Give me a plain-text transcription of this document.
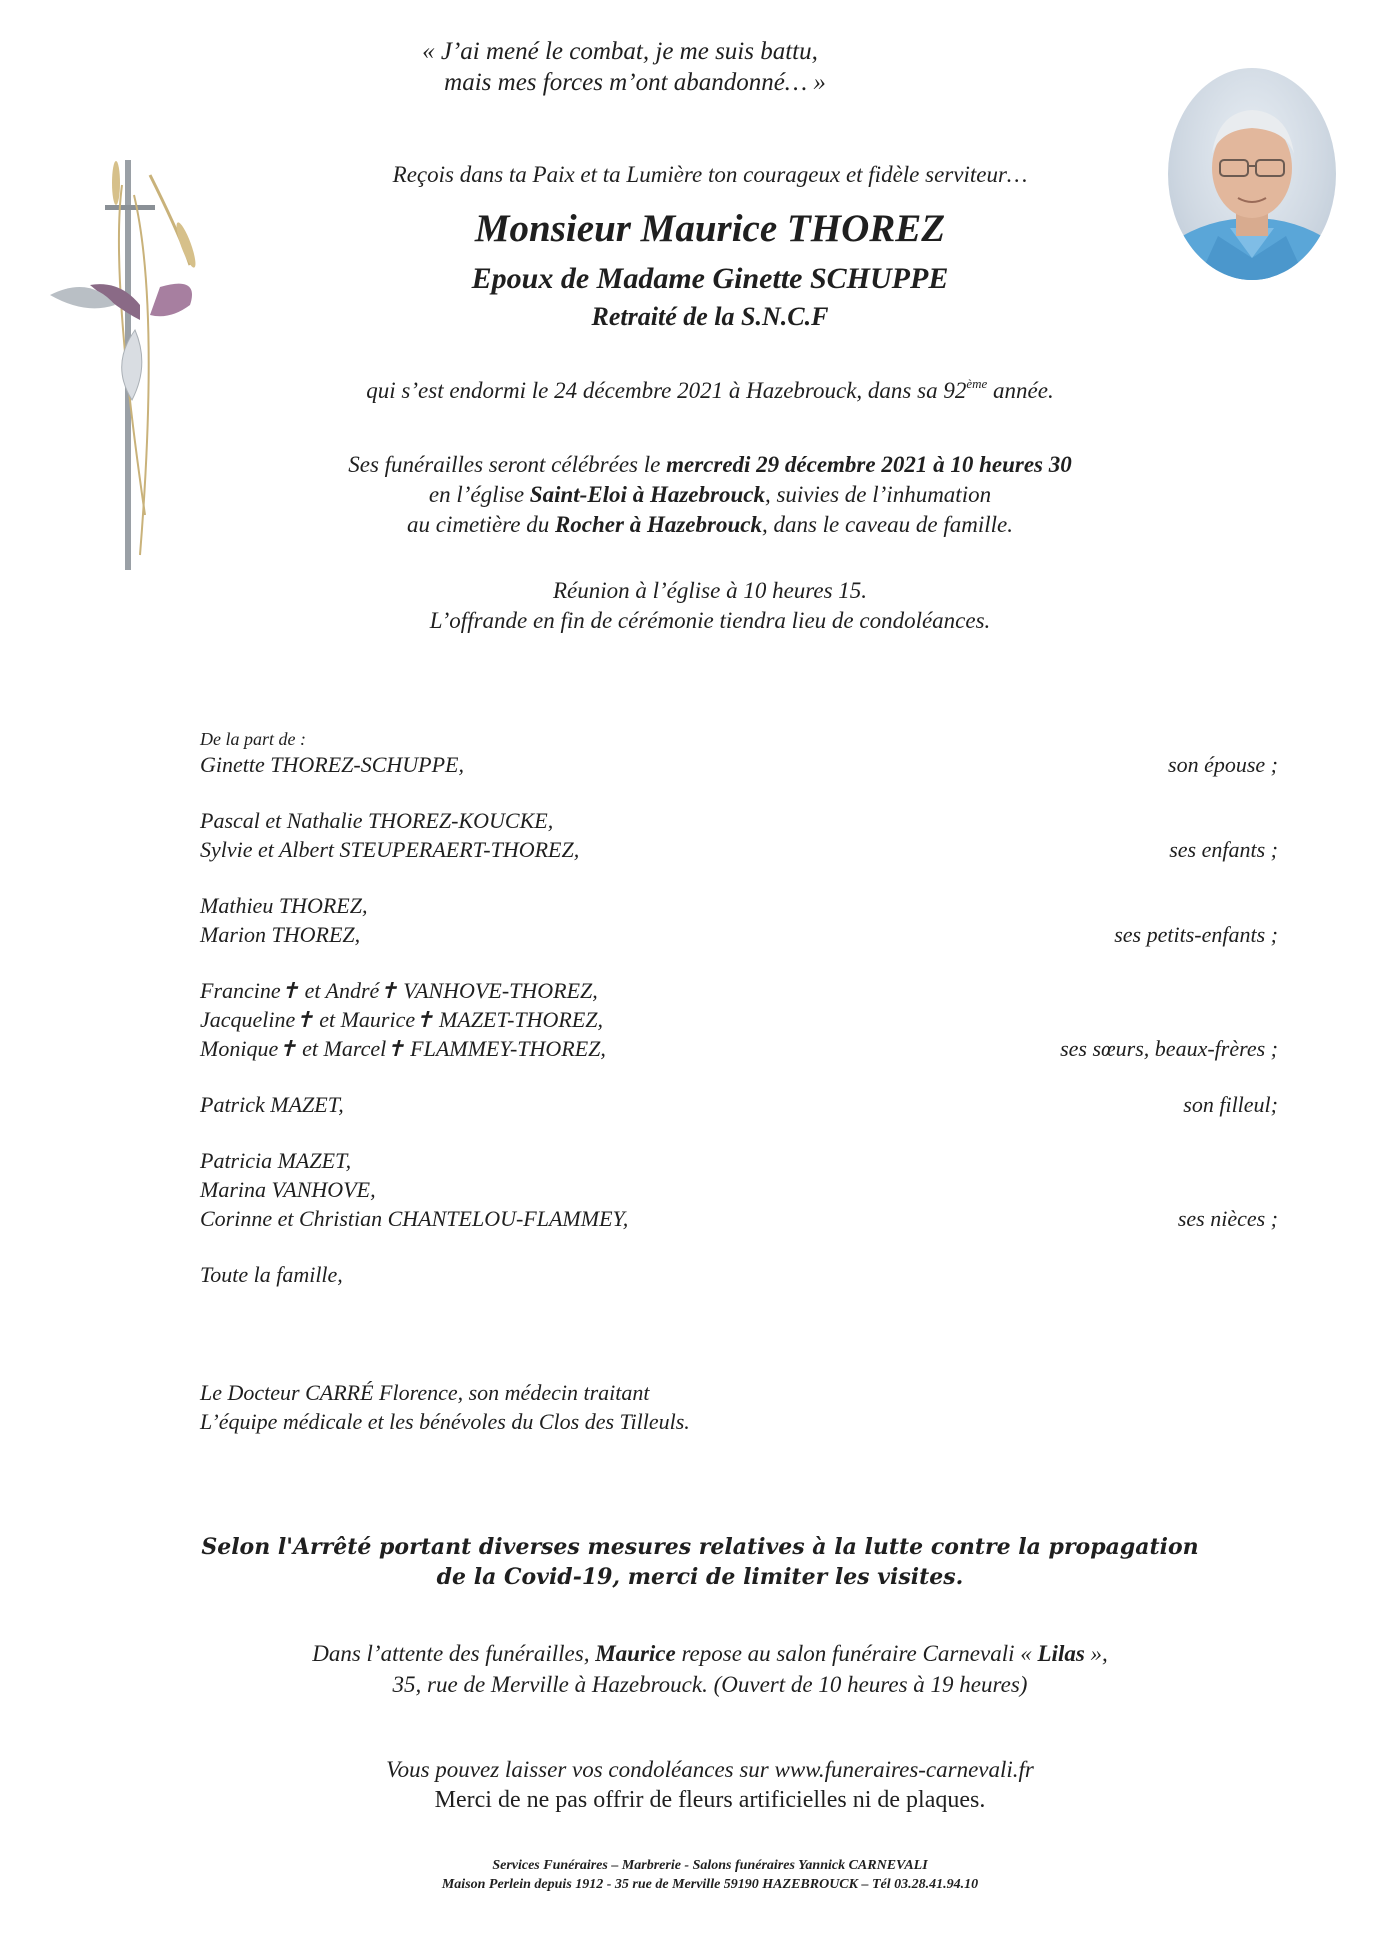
« J’ai mené le combat, je me suis battu,
mais mes forces m’ont abandonné… »
Reçois dans ta Paix et ta Lumière ton courageux et fidèle serviteur…
Monsieur Maurice THOREZ
Epoux de Madame Ginette SCHUPPE
Retraité de la S.N.C.F
qui s’est endormi le 24 décembre 2021 à Hazebrouck, dans sa 92ème année.
Ses funérailles seront célébrées le mercredi 29 décembre 2021 à 10 heures 30
en l’église Saint-Eloi à Hazebrouck, suivies de l’inhumation
au cimetière du Rocher à Hazebrouck, dans le caveau de famille.
Réunion à l’église à 10 heures 15.
L’offrande en fin de cérémonie tiendra lieu de condoléances.
De la part de :
Ginette THOREZ-SCHUPPE,	son épouse ;
Pascal et Nathalie THOREZ-KOUCKE,
Sylvie et Albert STEUPERAERT-THOREZ,	ses enfants ;
Mathieu THOREZ,
Marion THOREZ,	ses petits-enfants ;
Francine✝ et André✝ VANHOVE-THOREZ,
Jacqueline✝ et Maurice✝ MAZET-THOREZ,
Monique✝ et Marcel✝ FLAMMEY-THOREZ,	ses sœurs, beaux-frères ;
Patrick MAZET,	son filleul;
Patricia MAZET,
Marina VANHOVE,
Corinne et Christian CHANTELOU-FLAMMEY,	ses nièces ;
Toute la famille,
Le Docteur CARRÉ Florence, son médecin traitant
L’équipe médicale et les bénévoles du Clos des Tilleuls.
Selon l'Arrêté portant diverses mesures relatives à la lutte contre la propagation
de la Covid-19, merci de limiter les visites.
Dans l’attente des funérailles, Maurice repose au salon funéraire Carnevali « Lilas »,
35, rue de Merville à Hazebrouck. (Ouvert de 10 heures à 19 heures)
Vous pouvez laisser vos condoléances sur www.funeraires-carnevali.fr
Merci de ne pas offrir de fleurs artificielles ni de plaques.
Services Funéraires – Marbrerie - Salons funéraires Yannick CARNEVALI
Maison Perlein depuis 1912 - 35 rue de Merville 59190 HAZEBROUCK – Tél 03.28.41.94.10
